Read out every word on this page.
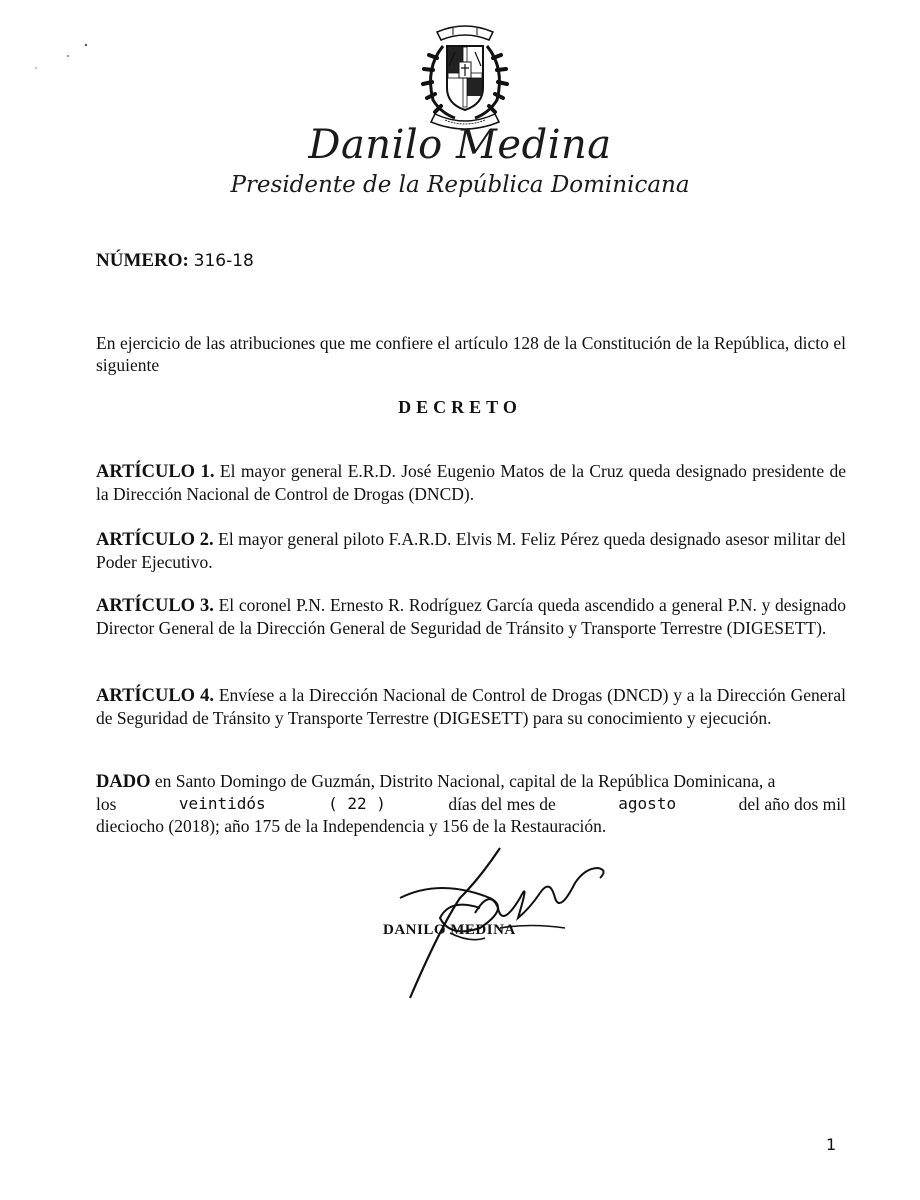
Danilo Medina
Presidente de la República Dominicana
NÚMERO: 316-18
En ejercicio de las atribuciones que me confiere el artículo 128 de la Constitución de la República, dicto el siguiente
DECRETO
ARTÍCULO 1. El mayor general E.R.D. José Eugenio Matos de la Cruz queda designado presidente de la Dirección Nacional de Control de Drogas (DNCD).
ARTÍCULO 2. El mayor general piloto F.A.R.D. Elvis M. Feliz Pérez queda designado asesor militar del Poder Ejecutivo.
ARTÍCULO 3. El coronel P.N. Ernesto R. Rodríguez García queda ascendido a general P.N. y designado Director General de la Dirección General de Seguridad de Tránsito y Transporte Terrestre (DIGESETT).
ARTÍCULO 4. Envíese a la Dirección Nacional de Control de Drogas (DNCD) y a la Dirección General de Seguridad de Tránsito y Transporte Terrestre (DIGESETT) para su conocimiento y ejecución.
DADO en Santo Domingo de Guzmán, Distrito Nacional, capital de la República Dominicana, a
los	veintidós	( 22 )	días del mes de	agosto	del año dos mil
dieciocho (2018); año 175 de la Independencia y 156 de la Restauración.
DANILO MEDINA
1
